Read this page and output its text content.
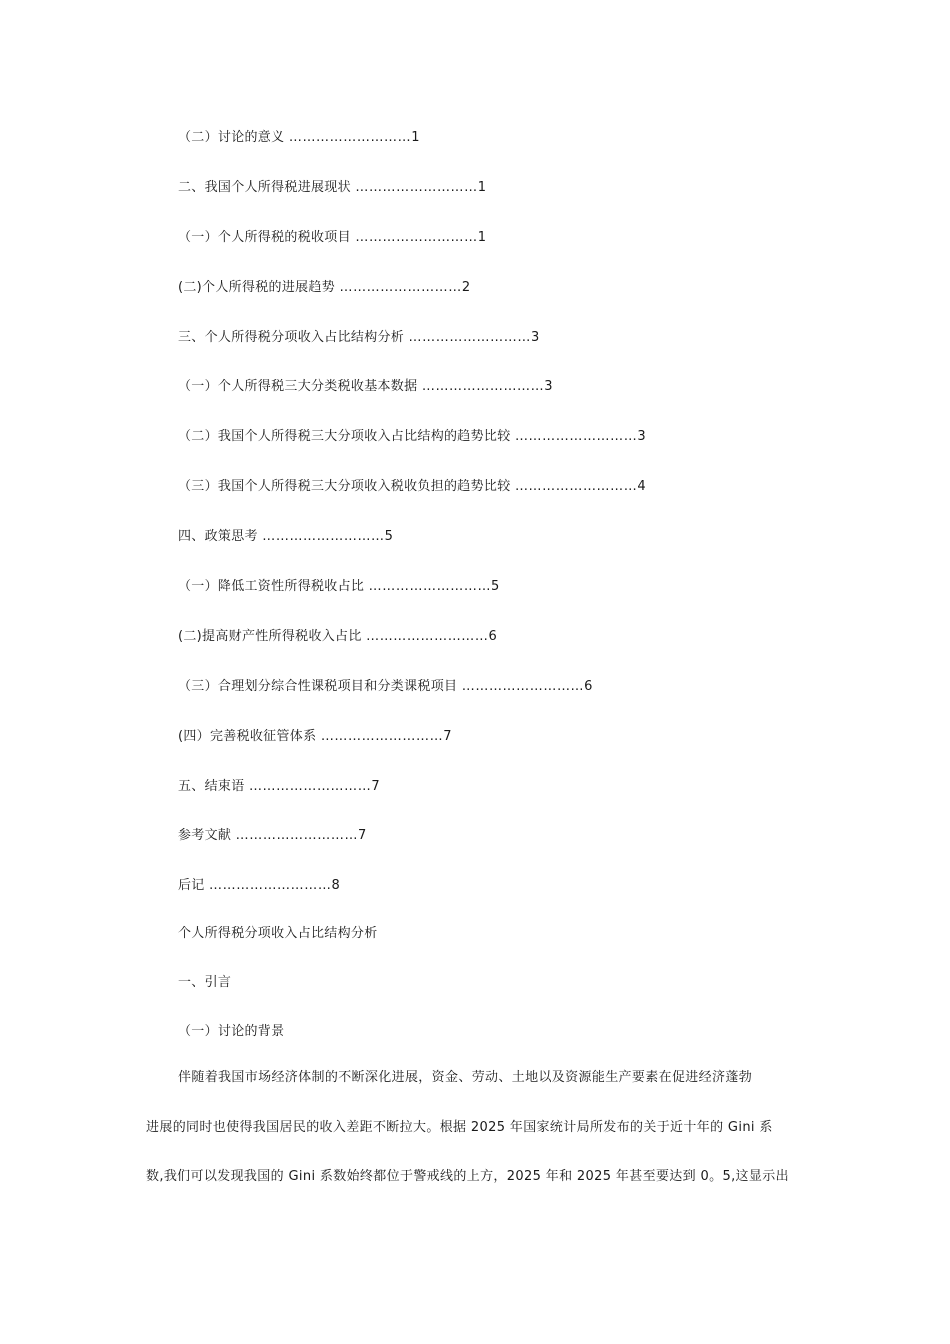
（二）讨论的意义 ………………………1
二、我国个人所得税进展现状 ………………………1
（一）个人所得税的税收项目 ………………………1
(二)个人所得税的进展趋势 ………………………2
三、个人所得税分项收入占比结构分析 ………………………3
（一）个人所得税三大分类税收基本数据 ………………………3
（二）我国个人所得税三大分项收入占比结构的趋势比较 ………………………3
（三）我国个人所得税三大分项收入税收负担的趋势比较 ………………………4
四、政策思考 ………………………5
（一）降低工资性所得税收占比 ………………………5
(二)提高财产性所得税收入占比 ………………………6
（三）合理划分综合性课税项目和分类课税项目 ………………………6
(四）完善税收征管体系 ………………………7
五、结束语 ………………………7
参考文献 ………………………7
后记 ………………………8
个人所得税分项收入占比结构分析
一、引言
（一）讨论的背景
伴随着我国市场经济体制的不断深化进展，资金、劳动、土地以及资源能生产要素在促进经济蓬勃
进展的同时也使得我国居民的收入差距不断拉大。根据 2025 年国家统计局所发布的关于近十年的 Gini 系
数,我们可以发现我国的 Gini 系数始终都位于警戒线的上方，2025 年和 2025 年甚至要达到 0。5,这显示出
